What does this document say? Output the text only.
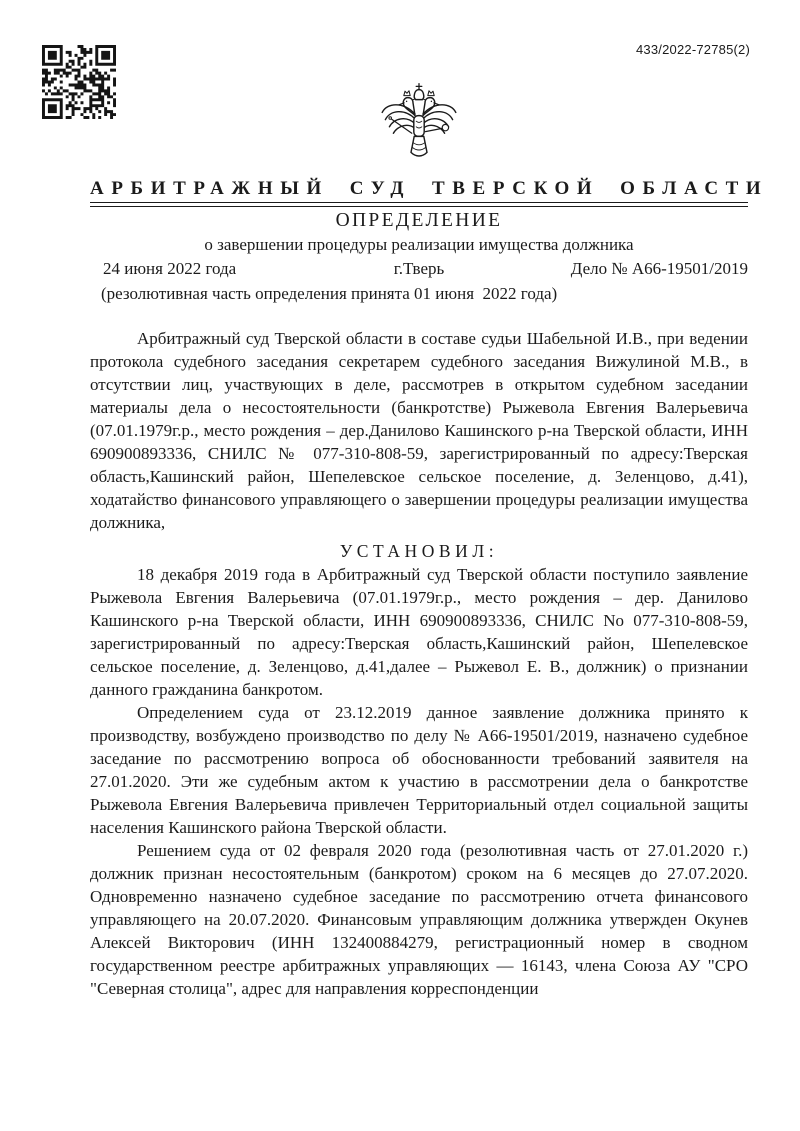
433/2022-72785(2)
АРБИТРАЖНЫЙ СУД ТВЕРСКОЙ ОБЛАСТИ
ОПРЕДЕЛЕНИЕ
о завершении процедуры реализации имущества должника
24 июня 2022 года	г.Тверь	Дело № А66-19501/2019
(резолютивная часть определения принята 01 июня  2022 года)

Арбитражный суд Тверской области в составе судьи Шабельной И.В., при ведении протокола судебного заседания секретарем судебного заседания Вижулиной М.В., в отсутствии лиц, участвующих в деле, рассмотрев в открытом судебном заседании материалы дела о несостоятельности (банкротстве) Рыжевола Евгения Валерьевича (07.01.1979г.р., место рождения – дер.Данилово Кашинского р-на Тверской области, ИНН 690900893336, СНИЛС № 077-310-808-59, зарегистрированный по адресу:Тверская область,Кашинский район, Шепелевское сельское поселение, д. Зеленцово, д.41), ходатайство финансового управляющего о завершении процедуры реализации имущества должника,

УСТАНОВИЛ:

18 декабря 2019 года в Арбитражный суд Тверской области поступило заявление Рыжевола Евгения Валерьевича (07.01.1979г.р., место рождения – дер. Данилово Кашинского р-на Тверской области, ИНН 690900893336, СНИЛС No 077-310-808-59, зарегистрированный по адресу:Тверская область,Кашинский район, Шепелевское сельское поселение, д. Зеленцово, д.41,далее – Рыжевол Е. В., должник) о признании данного гражданина банкротом.

Определением суда от 23.12.2019 данное заявление должника принято к производству, возбуждено производство по делу № А66-19501/2019, назначено судебное заседание по рассмотрению вопроса об обоснованности требований заявителя на 27.01.2020. Эти же судебным актом к участию в рассмотрении дела о банкротстве Рыжевола Евгения Валерьевича привлечен Территориальный отдел социальной защиты населения Кашинского района Тверской области.

Решением суда от 02 февраля 2020 года (резолютивная часть от 27.01.2020 г.) должник признан несостоятельным (банкротом) сроком на 6 месяцев до 27.07.2020. Одновременно назначено судебное заседание по рассмотрению отчета финансового управляющего на 20.07.2020. Финансовым управляющим должника утвержден Окунев Алексей Викторович (ИНН 132400884279, регистрационный номер в сводном государственном реестре арбитражных управляющих — 16143, члена Союза АУ "СРО "Северная столица", адрес для направления корреспонденции
